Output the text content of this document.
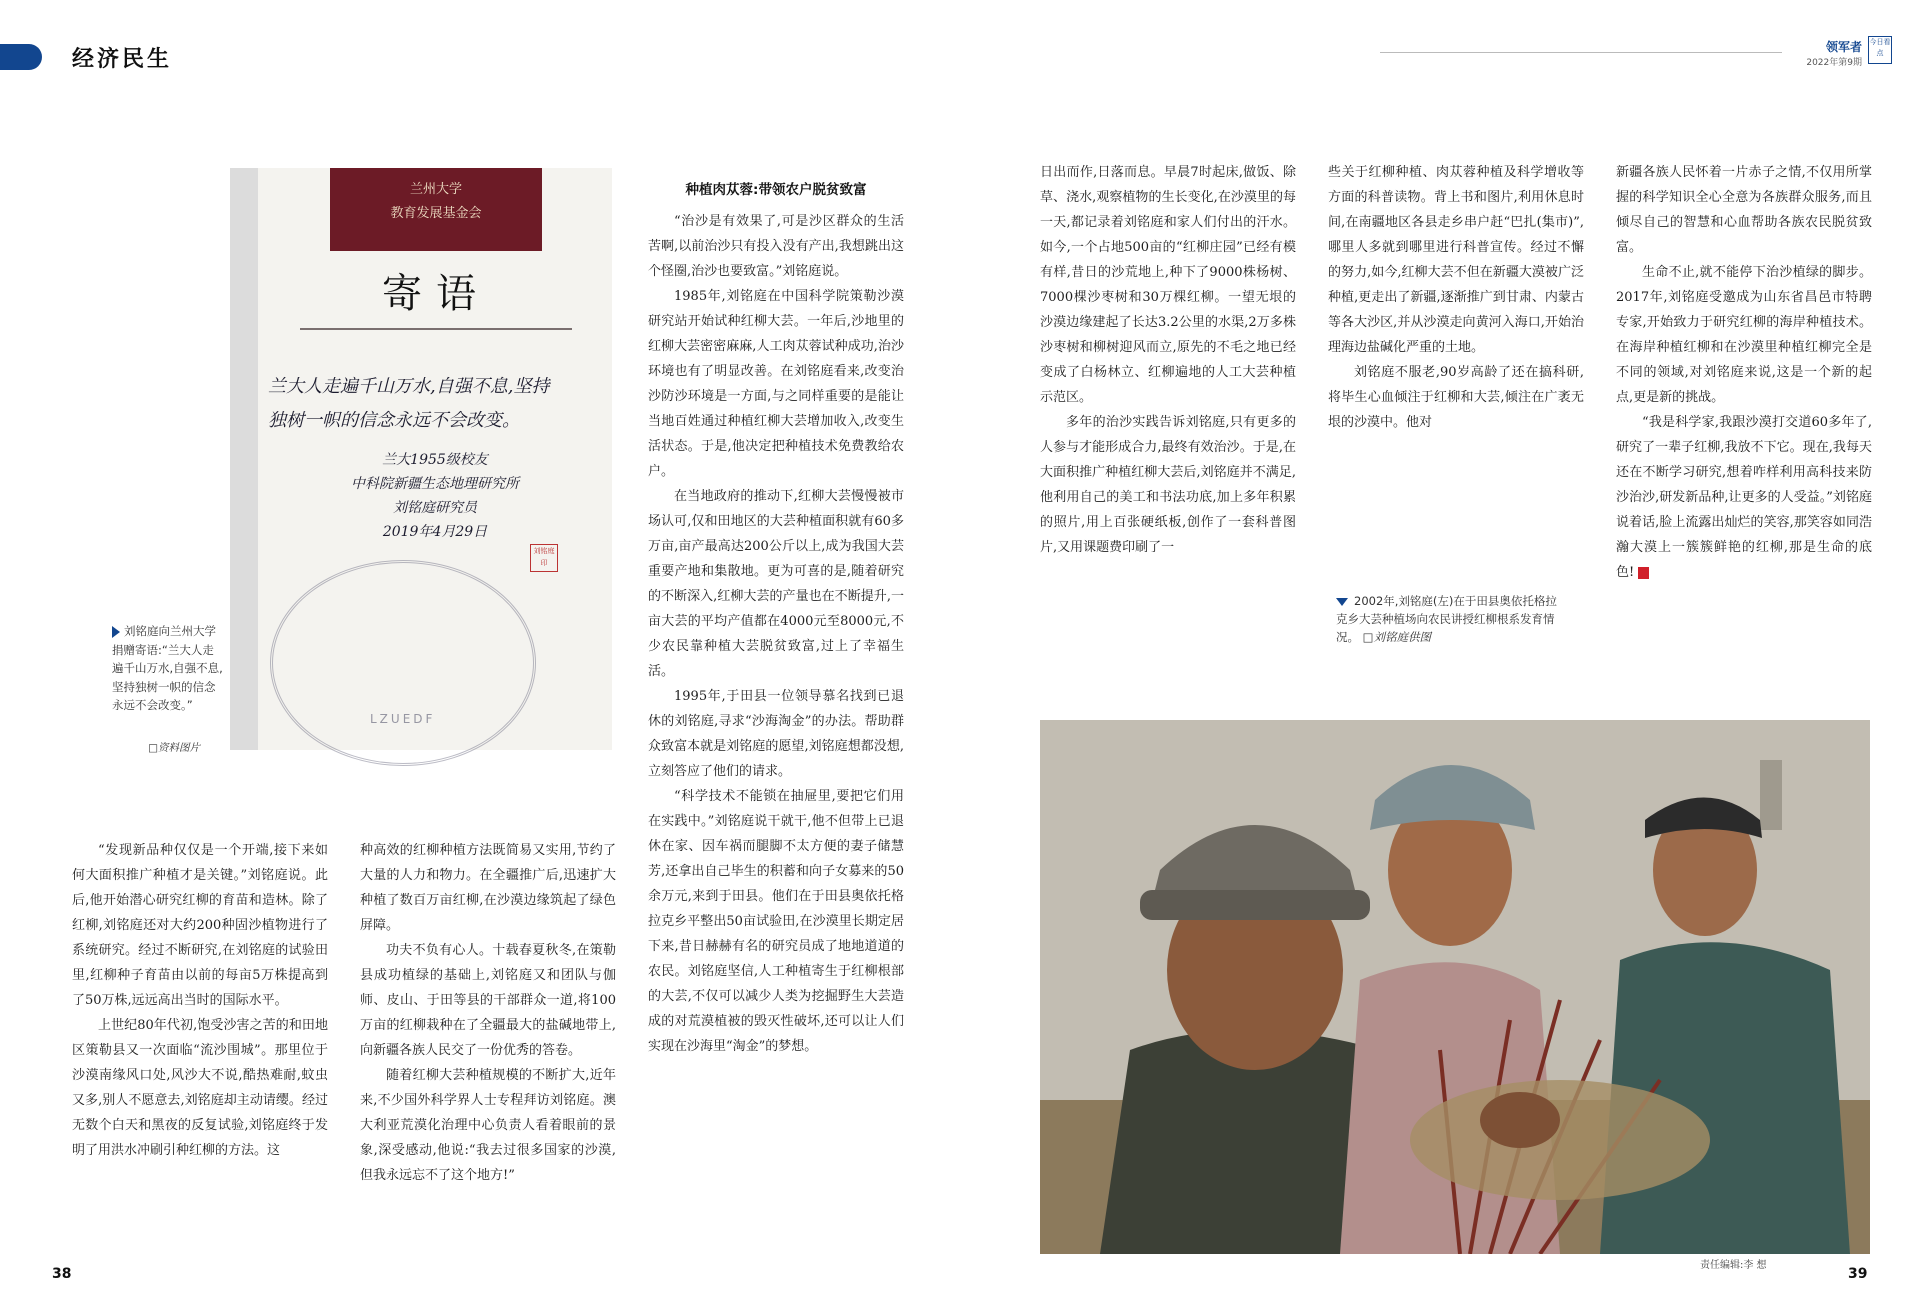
经济民生	领军者
2022年第9期
今日看点
兰州大学
教育发展基金会
寄语
兰大人走遍千山万水,自强不息,坚持
独树一帜的信念永远不会改变。
兰大1955级校友
中科院新疆生态地理研究所
刘铭庭研究员
2019年4月29日
LZUEDF
刘铭庭印
刘铭庭向兰州大学捐赠寄语:“兰大人走遍千山万水,自强不息,坚持独树一帜的信念永远不会改变。”
□资料图片

“发现新品种仅仅是一个开端,接下来如何大面积推广种植才是关键。”刘铭庭说。此后,他开始潜心研究红柳的育苗和造林。除了红柳,刘铭庭还对大约200种固沙植物进行了系统研究。经过不断研究,在刘铭庭的试验田里,红柳种子育苗由以前的每亩5万株提高到了50万株,远远高出当时的国际水平。

上世纪80年代初,饱受沙害之苦的和田地区策勒县又一次面临“流沙围城”。那里位于沙漠南缘风口处,风沙大不说,酷热难耐,蚊虫又多,别人不愿意去,刘铭庭却主动请缨。经过无数个白天和黑夜的反复试验,刘铭庭终于发明了用洪水冲刷引种红柳的方法。这

种高效的红柳种植方法既简易又实用,节约了大量的人力和物力。在全疆推广后,迅速扩大种植了数百万亩红柳,在沙漠边缘筑起了绿色屏障。

功夫不负有心人。十载春夏秋冬,在策勒县成功植绿的基础上,刘铭庭又和团队与伽师、皮山、于田等县的干部群众一道,将100万亩的红柳栽种在了全疆最大的盐碱地带上,向新疆各族人民交了一份优秀的答卷。

随着红柳大芸种植规模的不断扩大,近年来,不少国外科学界人士专程拜访刘铭庭。澳大利亚荒漠化治理中心负责人看着眼前的景象,深受感动,他说:“我去过很多国家的沙漠,但我永远忘不了这个地方!”

种植肉苁蓉:带领农户脱贫致富

“治沙是有效果了,可是沙区群众的生活苦啊,以前治沙只有投入没有产出,我想跳出这个怪圈,治沙也要致富。”刘铭庭说。

1985年,刘铭庭在中国科学院策勒沙漠研究站开始试种红柳大芸。一年后,沙地里的红柳大芸密密麻麻,人工肉苁蓉试种成功,治沙环境也有了明显改善。在刘铭庭看来,改变治沙防沙环境是一方面,与之同样重要的是能让当地百姓通过种植红柳大芸增加收入,改变生活状态。于是,他决定把种植技术免费教给农户。

在当地政府的推动下,红柳大芸慢慢被市场认可,仅和田地区的大芸种植面积就有60多万亩,亩产最高达200公斤以上,成为我国大芸重要产地和集散地。更为可喜的是,随着研究的不断深入,红柳大芸的产量也在不断提升,一亩大芸的平均产值都在4000元至8000元,不少农民靠种植大芸脱贫致富,过上了幸福生活。

1995年,于田县一位领导慕名找到已退休的刘铭庭,寻求“沙海淘金”的办法。帮助群众致富本就是刘铭庭的愿望,刘铭庭想都没想,立刻答应了他们的请求。

“科学技术不能锁在抽屉里,要把它们用在实践中。”刘铭庭说干就干,他不但带上已退休在家、因车祸而腿脚不太方便的妻子储慧芳,还拿出自己毕生的积蓄和向子女募来的50余万元,来到于田县。他们在于田县奥依托格拉克乡平整出50亩试验田,在沙漠里长期定居下来,昔日赫赫有名的研究员成了地地道道的农民。刘铭庭坚信,人工种植寄生于红柳根部的大芸,不仅可以减少人类为挖掘野生大芸造成的对荒漠植被的毁灭性破坏,还可以让人们实现在沙海里“淘金”的梦想。

日出而作,日落而息。早晨7时起床,做饭、除草、浇水,观察植物的生长变化,在沙漠里的每一天,都记录着刘铭庭和家人们付出的汗水。如今,一个占地500亩的“红柳庄园”已经有模有样,昔日的沙荒地上,种下了9000株杨树、7000棵沙枣树和30万棵红柳。一望无垠的沙漠边缘建起了长达3.2公里的水渠,2万多株沙枣树和柳树迎风而立,原先的不毛之地已经变成了白杨林立、红柳遍地的人工大芸种植示范区。

多年的治沙实践告诉刘铭庭,只有更多的人参与才能形成合力,最终有效治沙。于是,在大面积推广种植红柳大芸后,刘铭庭并不满足,他利用自己的美工和书法功底,加上多年积累的照片,用上百张硬纸板,创作了一套科普图片,又用课题费印刷了一

些关于红柳种植、肉苁蓉种植及科学增收等方面的科普读物。背上书和图片,利用休息时间,在南疆地区各县走乡串户赶“巴扎(集市)”,哪里人多就到哪里进行科普宣传。经过不懈的努力,如今,红柳大芸不但在新疆大漠被广泛种植,更走出了新疆,逐渐推广到甘肃、内蒙古等各大沙区,并从沙漠走向黄河入海口,开始治理海边盐碱化严重的土地。

刘铭庭不服老,90岁高龄了还在搞科研,将毕生心血倾注于红柳和大芸,倾注在广袤无垠的沙漠中。他对

新疆各族人民怀着一片赤子之情,不仅用所掌握的科学知识全心全意为各族群众服务,而且倾尽自己的智慧和心血帮助各族农民脱贫致富。

生命不止,就不能停下治沙植绿的脚步。2017年,刘铭庭受邀成为山东省昌邑市特聘专家,开始致力于研究红柳的海岸种植技术。在海岸种植红柳和在沙漠里种植红柳完全是不同的领域,对刘铭庭来说,这是一个新的起点,更是新的挑战。

“我是科学家,我跟沙漠打交道60多年了,研究了一辈子红柳,我放不下它。现在,我每天还在不断学习研究,想着咋样利用高科技来防沙治沙,研发新品种,让更多的人受益。”刘铭庭说着话,脸上流露出灿烂的笑容,那笑容如同浩瀚大漠上一簇簇鲜艳的红柳,那是生命的底色!	J

2002年,刘铭庭(左)在于田县奥依托格拉克乡大芸种植场向农民讲授红柳根系发育情况。 □刘铭庭供图
责任编辑:李 想
38	39
